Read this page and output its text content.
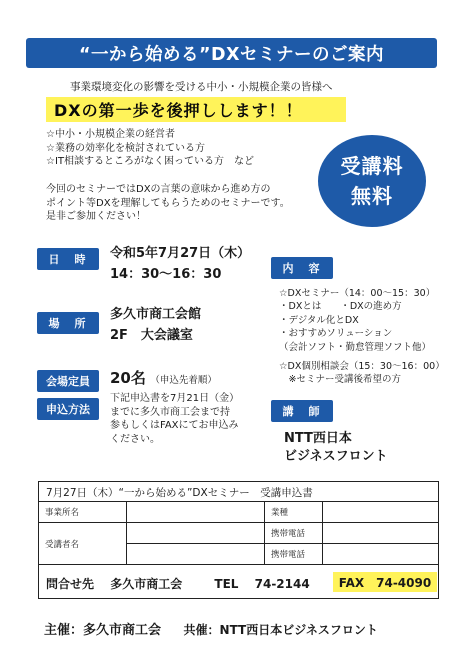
“一から始める”DXセミナーのご案内
事業環境変化の影響を受ける中小・小規模企業の皆様へ
DXの第一歩を後押しします！！
☆中小・小規模企業の経営者
☆業務の効率化を検討されている方
☆IT相談するところがなく困っている方　など
今回のセミナーではDXの言葉の意味から進め方の
ポイント等DXを理解してもらうためのセミナーです。
是非ご参加ください！
受講料
無料
日　時	令和5年7月27日（木）
14：30～16：30
場　所
多久市商工会館
2F　大会議室
会場定員	20名 （申込先着順）
申込方法
下記申込書を7月21日（金）
までに多久市商工会まで持
参もしくはFAXにてお申込み
ください。
内　容
☆DXセミナー（14：00～15：30）
・DXとは　　・DXの進め方
・デジタル化とDX
・おすすめソリューション
（会計ソフト・勤怠管理ソフト他）
☆DX個別相談会（15：30～16：00）
　※セミナー受講後希望の方
講　師
NTT西日本
ビジネスフロント
7月27日（木）“一から始める”DXセミナー　受講申込書
事業所名		業種	
受講者名		携帯電話	
		携帯電話	
問合せ先 多久市商工会	TEL 74-2144	FAX　74-4090
主催：多久市商工会 共催：NTT西日本ビジネスフロント
